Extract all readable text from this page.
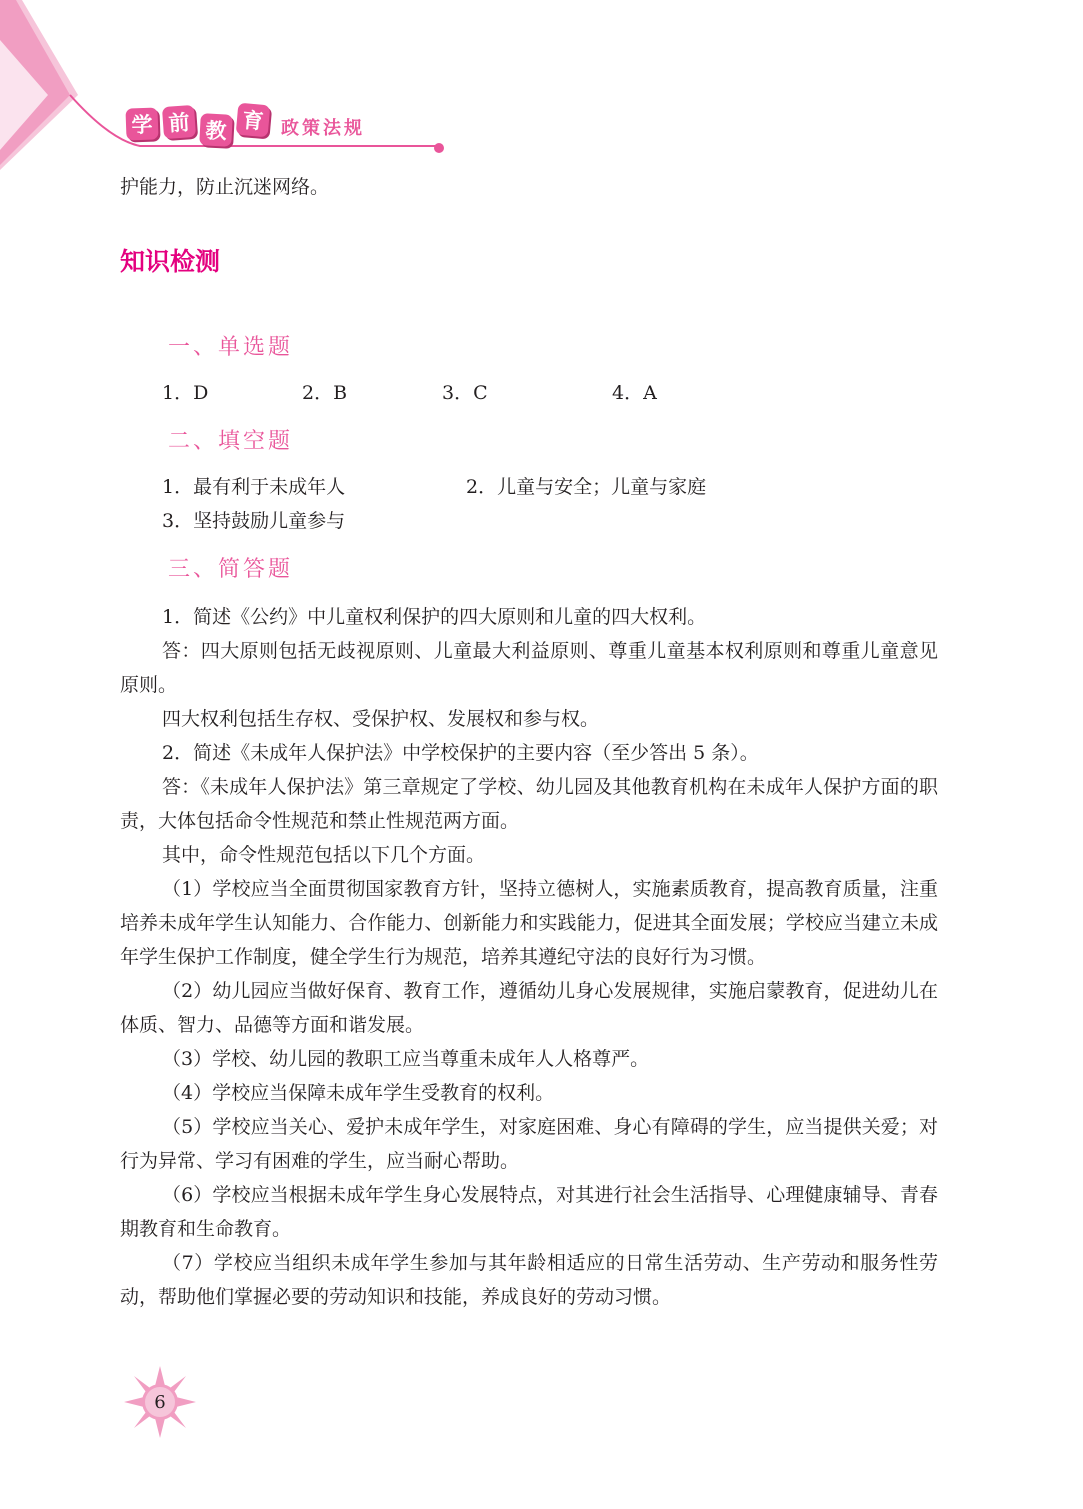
学 前 教 育 政策法规

护能力，防止沉迷网络。

知识检测
一、单选题
1．D	2．B	3．C	4．A
二、填空题
1．最有利于未成年人	2．儿童与安全；儿童与家庭
3．坚持鼓励儿童参与
三、简答题

1．简述《公约》中儿童权利保护的四大原则和儿童的四大权利。

答：四大原则包括无歧视原则、儿童最大利益原则、尊重儿童基本权利原则和尊重儿童意见原则。

四大权利包括生存权、受保护权、发展权和参与权。

2．简述《未成年人保护法》中学校保护的主要内容（至少答出 5 条）。

答：《未成年人保护法》第三章规定了学校、幼儿园及其他教育机构在未成年人保护方面的职责，大体包括命令性规范和禁止性规范两方面。

其中，命令性规范包括以下几个方面。

（1）学校应当全面贯彻国家教育方针，坚持立德树人，实施素质教育，提高教育质量，注重培养未成年学生认知能力、合作能力、创新能力和实践能力，促进其全面发展；学校应当建立未成年学生保护工作制度，健全学生行为规范，培养其遵纪守法的良好行为习惯。

（2）幼儿园应当做好保育、教育工作，遵循幼儿身心发展规律，实施启蒙教育，促进幼儿在体质、智力、品德等方面和谐发展。

（3）学校、幼儿园的教职工应当尊重未成年人人格尊严。

（4）学校应当保障未成年学生受教育的权利。

（5）学校应当关心、爱护未成年学生，对家庭困难、身心有障碍的学生，应当提供关爱；对行为异常、学习有困难的学生，应当耐心帮助。

（6）学校应当根据未成年学生身心发展特点，对其进行社会生活指导、心理健康辅导、青春期教育和生命教育。

（7）学校应当组织未成年学生参加与其年龄相适应的日常生活劳动、生产劳动和服务性劳动，帮助他们掌握必要的劳动知识和技能，养成良好的劳动习惯。

6
